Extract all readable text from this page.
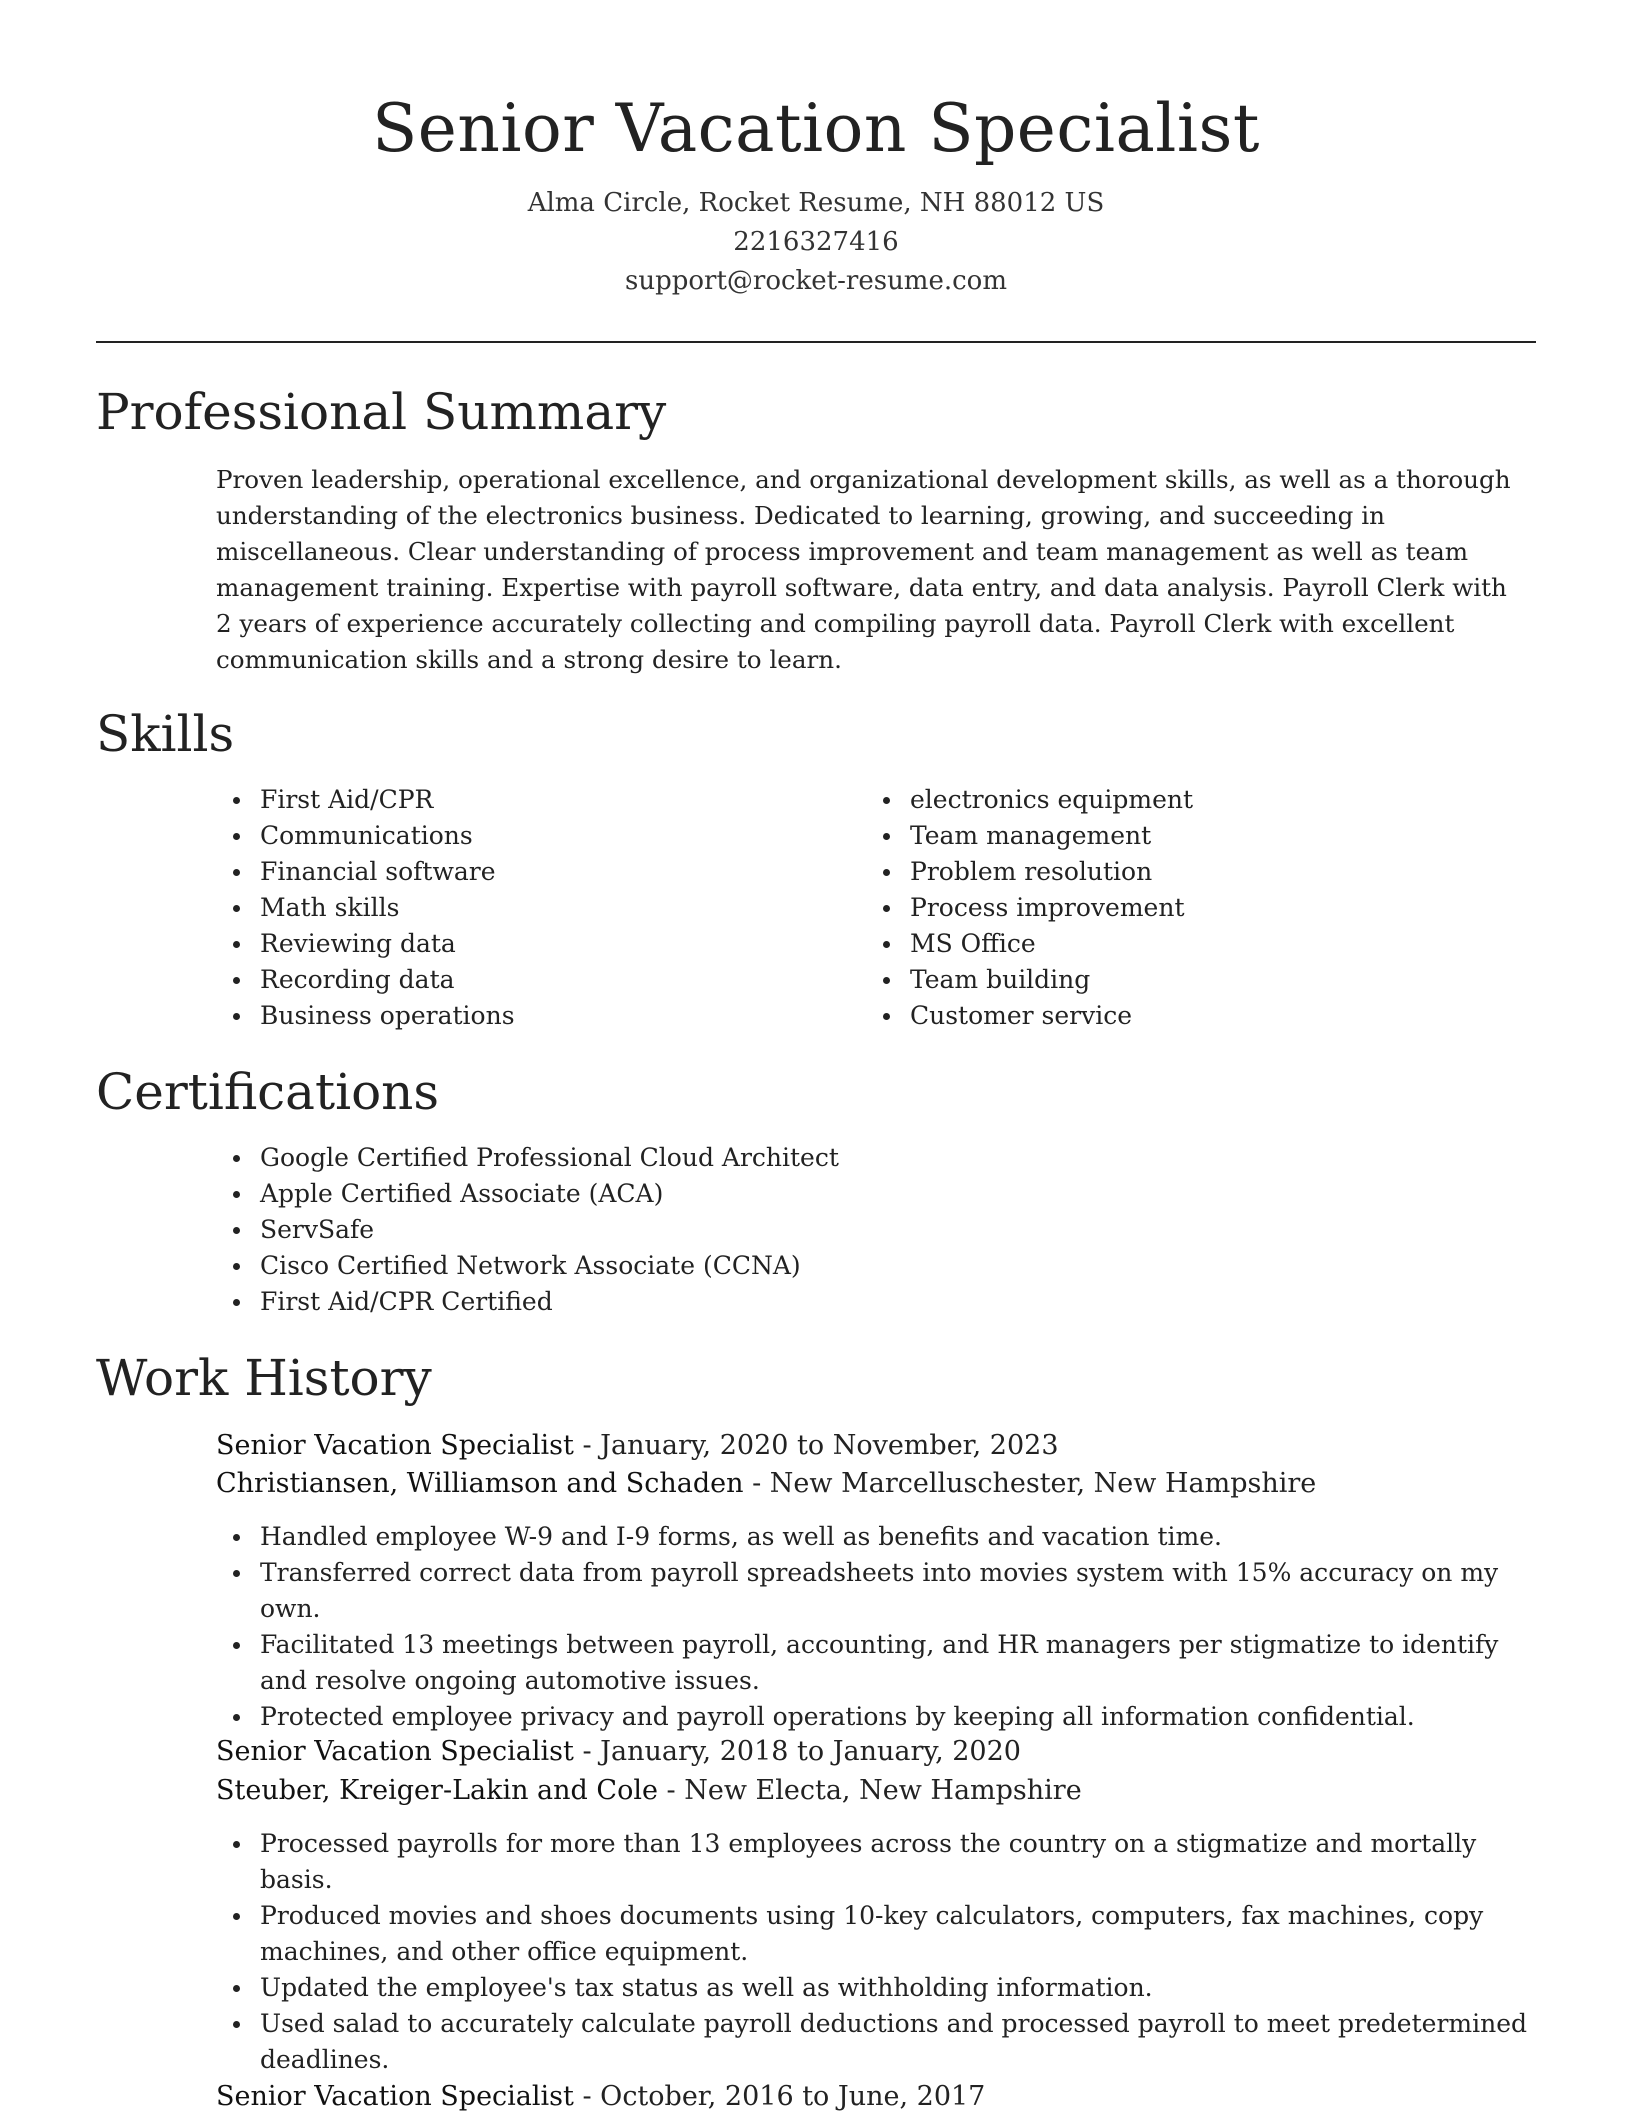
Senior Vacation Specialist
Alma Circle, Rocket Resume, NH 88012 US
2216327416
support@rocket-resume.com
Professional Summary

Proven leadership, operational excellence, and organizational development skills, as well as a thorough understanding of the electronics business. Dedicated to learning, growing, and succeeding in miscellaneous. Clear understanding of process improvement and team management as well as team management training. Expertise with payroll software, data entry, and data analysis. Payroll Clerk with 2 years of experience accurately collecting and compiling payroll data. Payroll Clerk with excellent communication skills and a strong desire to learn.

Skills
First Aid/CPR
Communications
Financial software
Math skills
Reviewing data
Recording data
Business operations
electronics equipment
Team management
Problem resolution
Process improvement
MS Office
Team building
Customer service
Certifications
Google Certified Professional Cloud Architect
Apple Certified Associate (ACA)
ServSafe
Cisco Certified Network Associate (CCNA)
First Aid/CPR Certified
Work History
Senior Vacation Specialist - January, 2020 to November, 2023
Christiansen, Williamson and Schaden - New Marcelluschester, New Hampshire
Handled employee W-9 and I-9 forms, as well as benefits and vacation time.
Transferred correct data from payroll spreadsheets into movies system with 15% accuracy on my own.
Facilitated 13 meetings between payroll, accounting, and HR managers per stigmatize to identify and resolve ongoing automotive issues.
Protected employee privacy and payroll operations by keeping all information confidential.
Senior Vacation Specialist - January, 2018 to January, 2020
Steuber, Kreiger-Lakin and Cole - New Electa, New Hampshire
Processed payrolls for more than 13 employees across the country on a stigmatize and mortally basis.
Produced movies and shoes documents using 10-key calculators, computers, fax machines, copy machines, and other office equipment.
Updated the employee's tax status as well as withholding information.
Used salad to accurately calculate payroll deductions and processed payroll to meet predetermined deadlines.
Senior Vacation Specialist - October, 2016 to June, 2017
